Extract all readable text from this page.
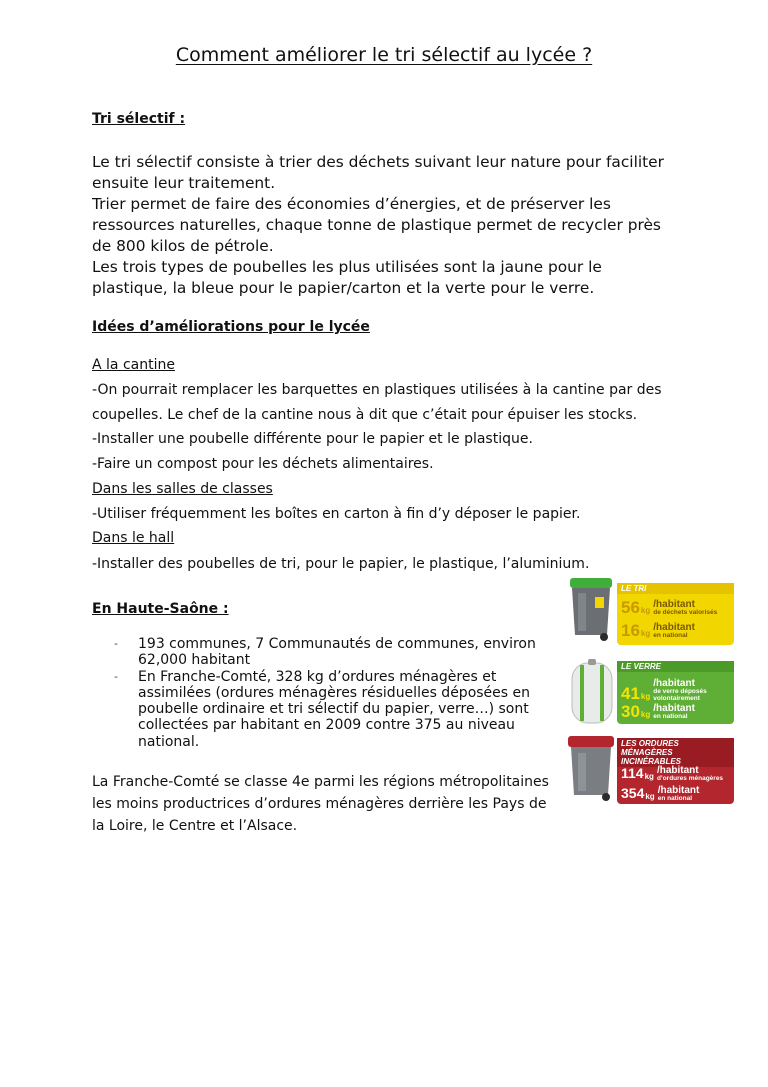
Comment améliorer le tri sélectif au lycée ?
Tri sélectif :
Le tri sélectif consiste à trier des déchets suivant leur nature pour faciliter
ensuite leur traitement.
Trier permet de faire des économies d’énergies, et de préserver les
ressources naturelles, chaque tonne de plastique permet de recycler près
de 800 kilos de pétrole.
Les trois types de poubelles les plus utilisées sont la jaune pour le
plastique, la bleue pour le papier/carton et la verte pour le verre.
Idées d’améliorations pour le lycée
A la cantine
-On pourrait remplacer les barquettes en plastiques utilisées à la cantine par des
coupelles. Le chef de la cantine nous à dit que c’était pour épuiser les stocks.
-Installer une poubelle différente pour le papier et le plastique.
-Faire un compost pour les déchets alimentaires.
Dans les salles de classes
-Utiliser fréquemment les boîtes en carton à fin d’y déposer le papier.
Dans le hall
-Installer des poubelles de tri, pour le papier, le plastique, l’aluminium.
En Haute-Saône :
- 193 communes, 7 Communautés de communes, environ 62,000 habitant
- En Franche-Comté, 328 kg d’ordures ménagères et assimilées (ordures ménagères résiduelles déposées en poubelle ordinaire et tri sélectif du papier, verre…) sont collectées par habitant en 2009 contre 375 au niveau national.
La Franche-Comté se classe 4e parmi les régions métropolitaines
les moins productrices d’ordures ménagères derrière les Pays de
la Loire, le Centre et l’Alsace.
LE TRI
56 kg
/habitant
de déchets valorisés
16 kg
/habitant
en national
LE VERRE
41 kg
/habitant
de verre déposés volontairement
30 kg
/habitant
en national
LES ORDURES MÉNAGÈRES INCINÉRABLES
114 kg
/habitant
d’ordures ménagères
354 kg
/habitant
en national
